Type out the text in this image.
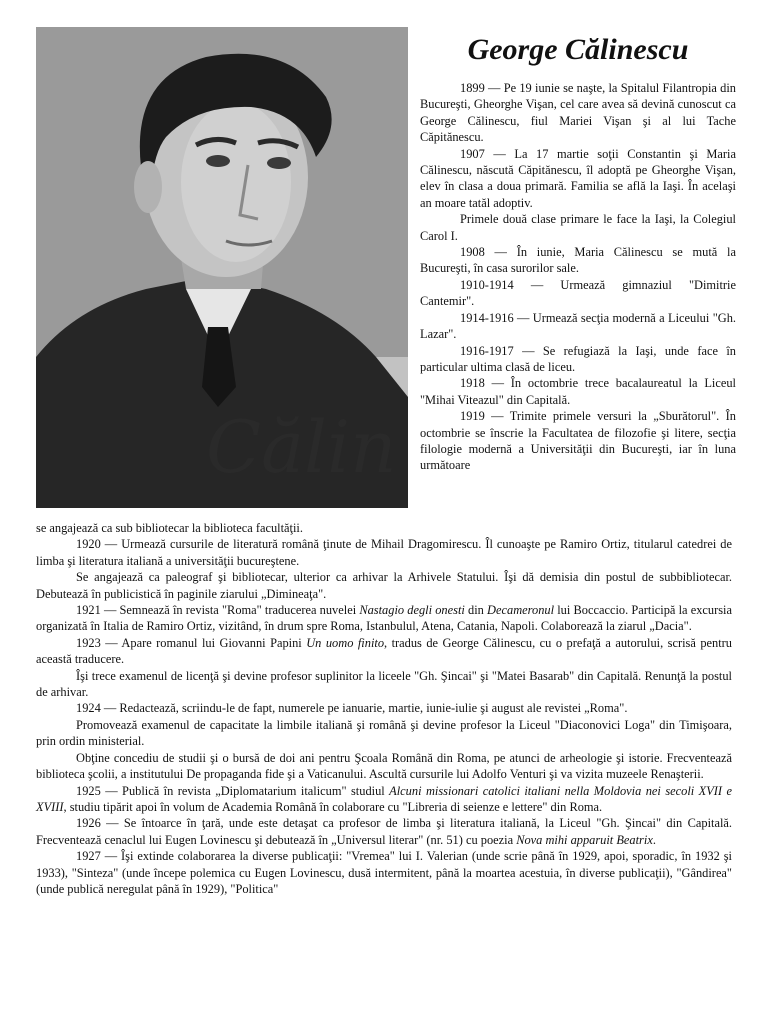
Călin
George Călinescu

1899 — Pe 19 iunie se naşte, la Spitalul Filantropia din Bucureşti, Gheorghe Vişan, cel care avea să devină cunoscut ca George Călinescu, fiul Mariei Vişan şi al lui Tache Căpitănescu.

1907 — La 17 martie soţii Constantin şi Maria Călinescu, născută Căpitănescu, îl adoptă pe Gheorghe Vişan, elev în clasa a doua primară. Familia se află la Iaşi. În acelaşi an moare tatăl adoptiv.

Primele două clase primare le face la Iaşi, la Colegiul Carol I.

1908 — În iunie, Maria Călinescu se mută la Bucureşti, în casa surorilor sale.

1910-1914 — Urmează gimnaziul "Dimitrie Cantemir".

1914-1916 — Urmează secţia modernă a Liceului "Gh. Lazar".

1916-1917 — Se refugiază la Iaşi, unde face în particular ultima clasă de liceu.

1918 — În octombrie trece bacalaureatul la Liceul "Mihai Viteazul" din Capitală.

1919 — Trimite primele versuri la „Sburătorul". În octombrie se înscrie la Facultatea de filozofie şi litere, secţia filologie modernă a Universităţii din Bucureşti, iar în luna următoare

se angajează ca sub bibliotecar la biblioteca facultăţii.

1920 — Urmează cursurile de literatură română ţinute de Mihail Dragomirescu. Îl cunoaşte pe Ramiro Ortiz, titularul catedrei de limba şi literatura italiană a universităţii bucureştene.

Se angajează ca paleograf şi bibliotecar, ulterior ca arhivar la Arhivele Statului. Îşi dă demisia din postul de subbibliotecar. Debutează în publicistică în paginile ziarului „Dimineaţa".

1921 — Semnează în revista "Roma" traducerea nuvelei Nastagio degli onesti din Decameronul lui Boccaccio. Participă la excursia organizată în Italia de Ramiro Ortiz, vizitând, în drum spre Roma, Istanbulul, Atena, Catania, Napoli. Colaborează la ziarul „Dacia".

1923 — Apare romanul lui Giovanni Papini Un uomo finito, tradus de George Călinescu, cu o prefaţă a autorului, scrisă pentru această traducere.

Îşi trece examenul de licenţă şi devine profesor suplinitor la liceele "Gh. Şincai" şi "Matei Basarab" din Capitală. Renunţă la postul de arhivar.

1924 — Redactează, scriindu-le de fapt, numerele pe ianuarie, martie, iunie-iulie şi august ale revistei „Roma".

Promovează examenul de capacitate la limbile italiană şi română şi devine profesor la Liceul "Diaconovici Loga" din Timişoara, prin ordin ministerial.

Obţine concediu de studii şi o bursă de doi ani pentru Şcoala Română din Roma, pe atunci de arheologie şi istorie. Frecventează biblioteca şcolii, a institutului De propaganda fide şi a Vaticanului. Ascultă cursurile lui Adolfo Venturi şi va vizita muzeele Renaşterii.

1925 — Publică în revista „Diplomatarium italicum" studiul Alcuni missionari catolici italiani nella Moldovia nei secoli XVII e XVIII, studiu tipărit apoi în volum de Academia Română în colaborare cu "Libreria di seienze e lettere" din Roma.

1926 — Se întoarce în ţară, unde este detaşat ca profesor de limba şi literatura italiană, la Liceul "Gh. Şincai" din Capitală. Frecventează cenaclul lui Eugen Lovinescu şi debutează în „Universul literar" (nr. 51) cu poezia Nova mihi apparuit Beatrix.

1927 — Îşi extinde colaborarea la diverse publicaţii: "Vremea" lui I. Valerian (unde scrie până în 1929, apoi, sporadic, în 1932 şi 1933), "Sinteza" (unde începe polemica cu Eugen Lovinescu, dusă intermitent, până la moartea acestuia, în diverse publicaţii), "Gândirea" (unde publică neregulat până în 1929), "Politica"
